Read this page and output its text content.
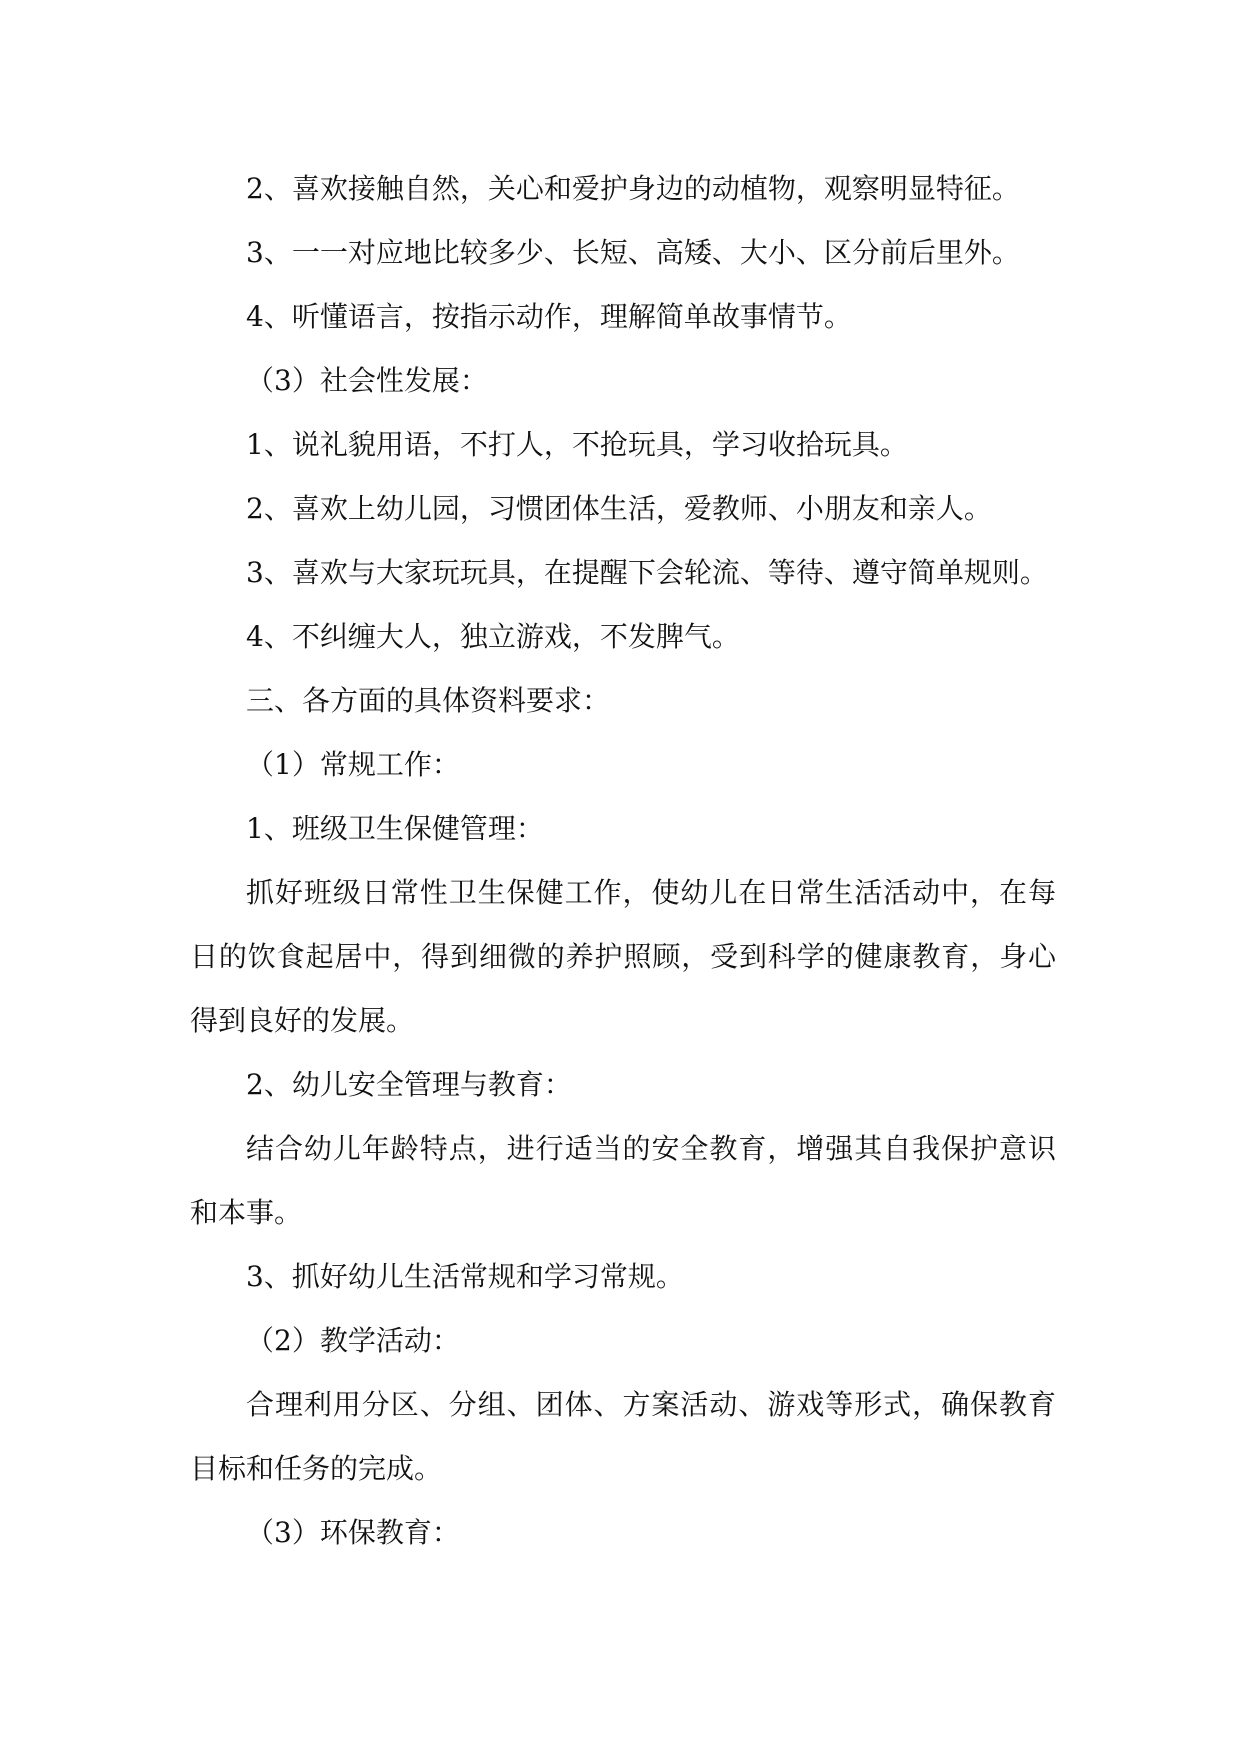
2、喜欢接触自然，关心和爱护身边的动植物，观察明显特征。

3、一一对应地比较多少、长短、高矮、大小、区分前后里外。

4、听懂语言，按指示动作，理解简单故事情节。

（3）社会性发展：

1、说礼貌用语，不打人，不抢玩具，学习收拾玩具。

2、喜欢上幼儿园，习惯团体生活，爱教师、小朋友和亲人。

3、喜欢与大家玩玩具，在提醒下会轮流、等待、遵守简单规则。

4、不纠缠大人，独立游戏，不发脾气。

三、各方面的具体资料要求：

（1）常规工作：

1、班级卫生保健管理：

抓好班级日常性卫生保健工作，使幼儿在日常生活活动中，在每日的饮食起居中，得到细微的养护照顾，受到科学的健康教育，身心得到良好的发展。

2、幼儿安全管理与教育：

结合幼儿年龄特点，进行适当的安全教育，增强其自我保护意识和本事。

3、抓好幼儿生活常规和学习常规。

（2）教学活动：

合理利用分区、分组、团体、方案活动、游戏等形式，确保教育目标和任务的完成。

（3）环保教育：
